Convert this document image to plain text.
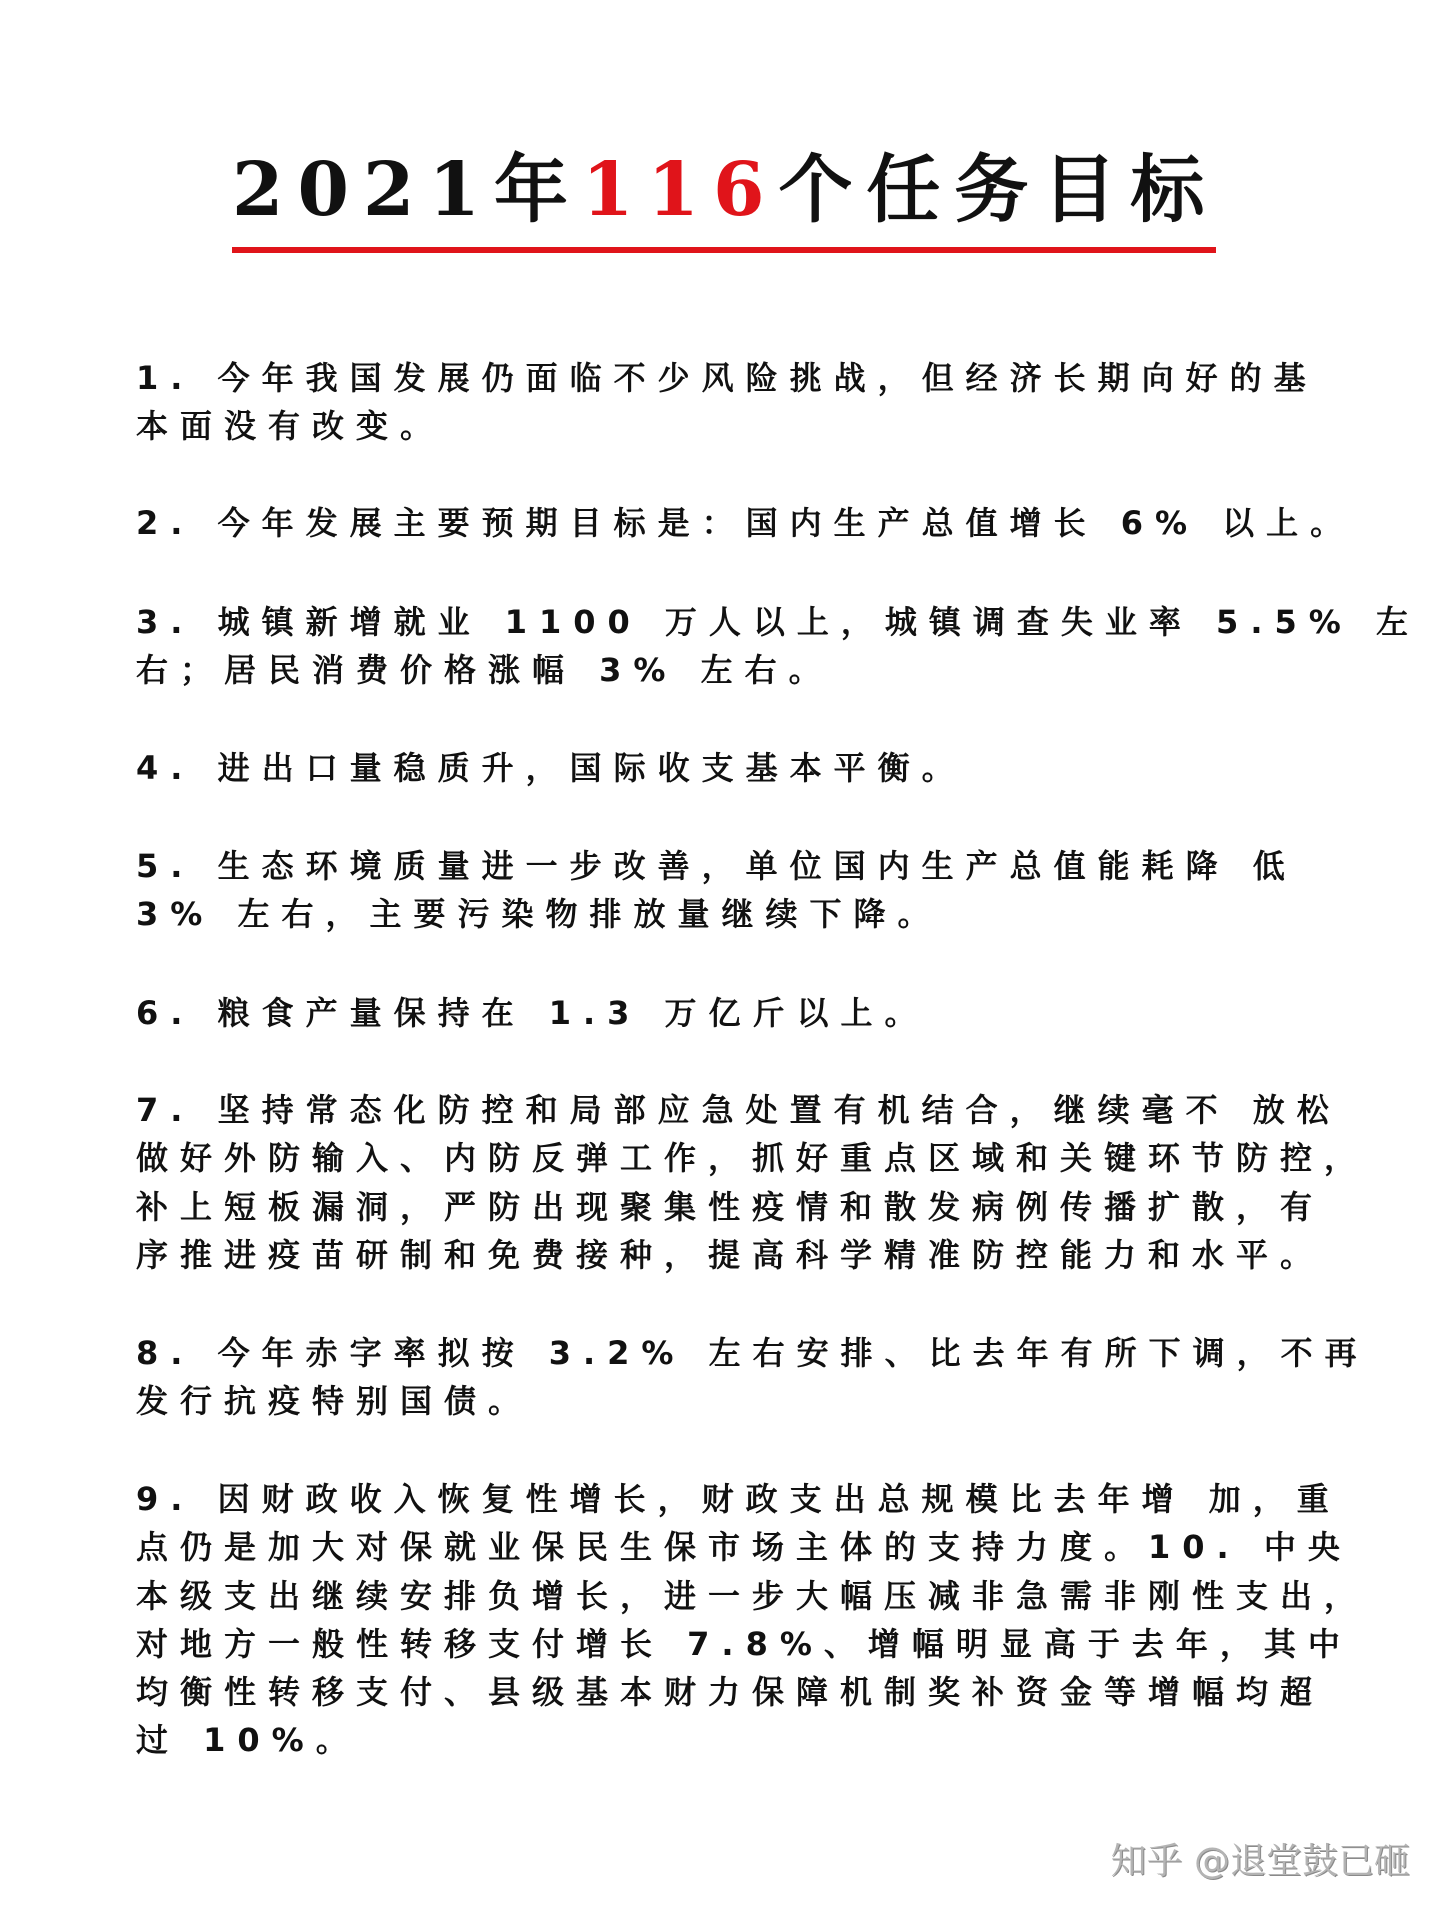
2021年116个任务目标
1. 今年我国发展仍面临不少风险挑战，但经济长期向好的基
本面没有改变。
2. 今年发展主要预期目标是：国内生产总值增长 6% 以上。
3. 城镇新增就业 1100 万人以上，城镇调查失业率 5.5% 左
右；居民消费价格涨幅 3% 左右。
4. 进出口量稳质升，国际收支基本平衡。
5. 生态环境质量进一步改善，单位国内生产总值能耗降 低
3% 左右，主要污染物排放量继续下降。
6. 粮食产量保持在 1.3 万亿斤以上。
7. 坚持常态化防控和局部应急处置有机结合，继续毫不 放松
做好外防输入、内防反弹工作，抓好重点区域和关键环节防控，
补上短板漏洞，严防出现聚集性疫情和散发病例传播扩散，有
序推进疫苗研制和免费接种，提高科学精准防控能力和水平。
8. 今年赤字率拟按 3.2% 左右安排、比去年有所下调，不再
发行抗疫特别国债。
9. 因财政收入恢复性增长，财政支出总规模比去年增 加，重
点仍是加大对保就业保民生保市场主体的支持力度。10. 中央
本级支出继续安排负增长，进一步大幅压减非急需非刚性支出，
对地方一般性转移支付增长 7.8%、增幅明显高于去年，其中
均衡性转移支付、县级基本财力保障机制奖补资金等增幅均超
过 10%。
知乎 @退堂鼓已砸
